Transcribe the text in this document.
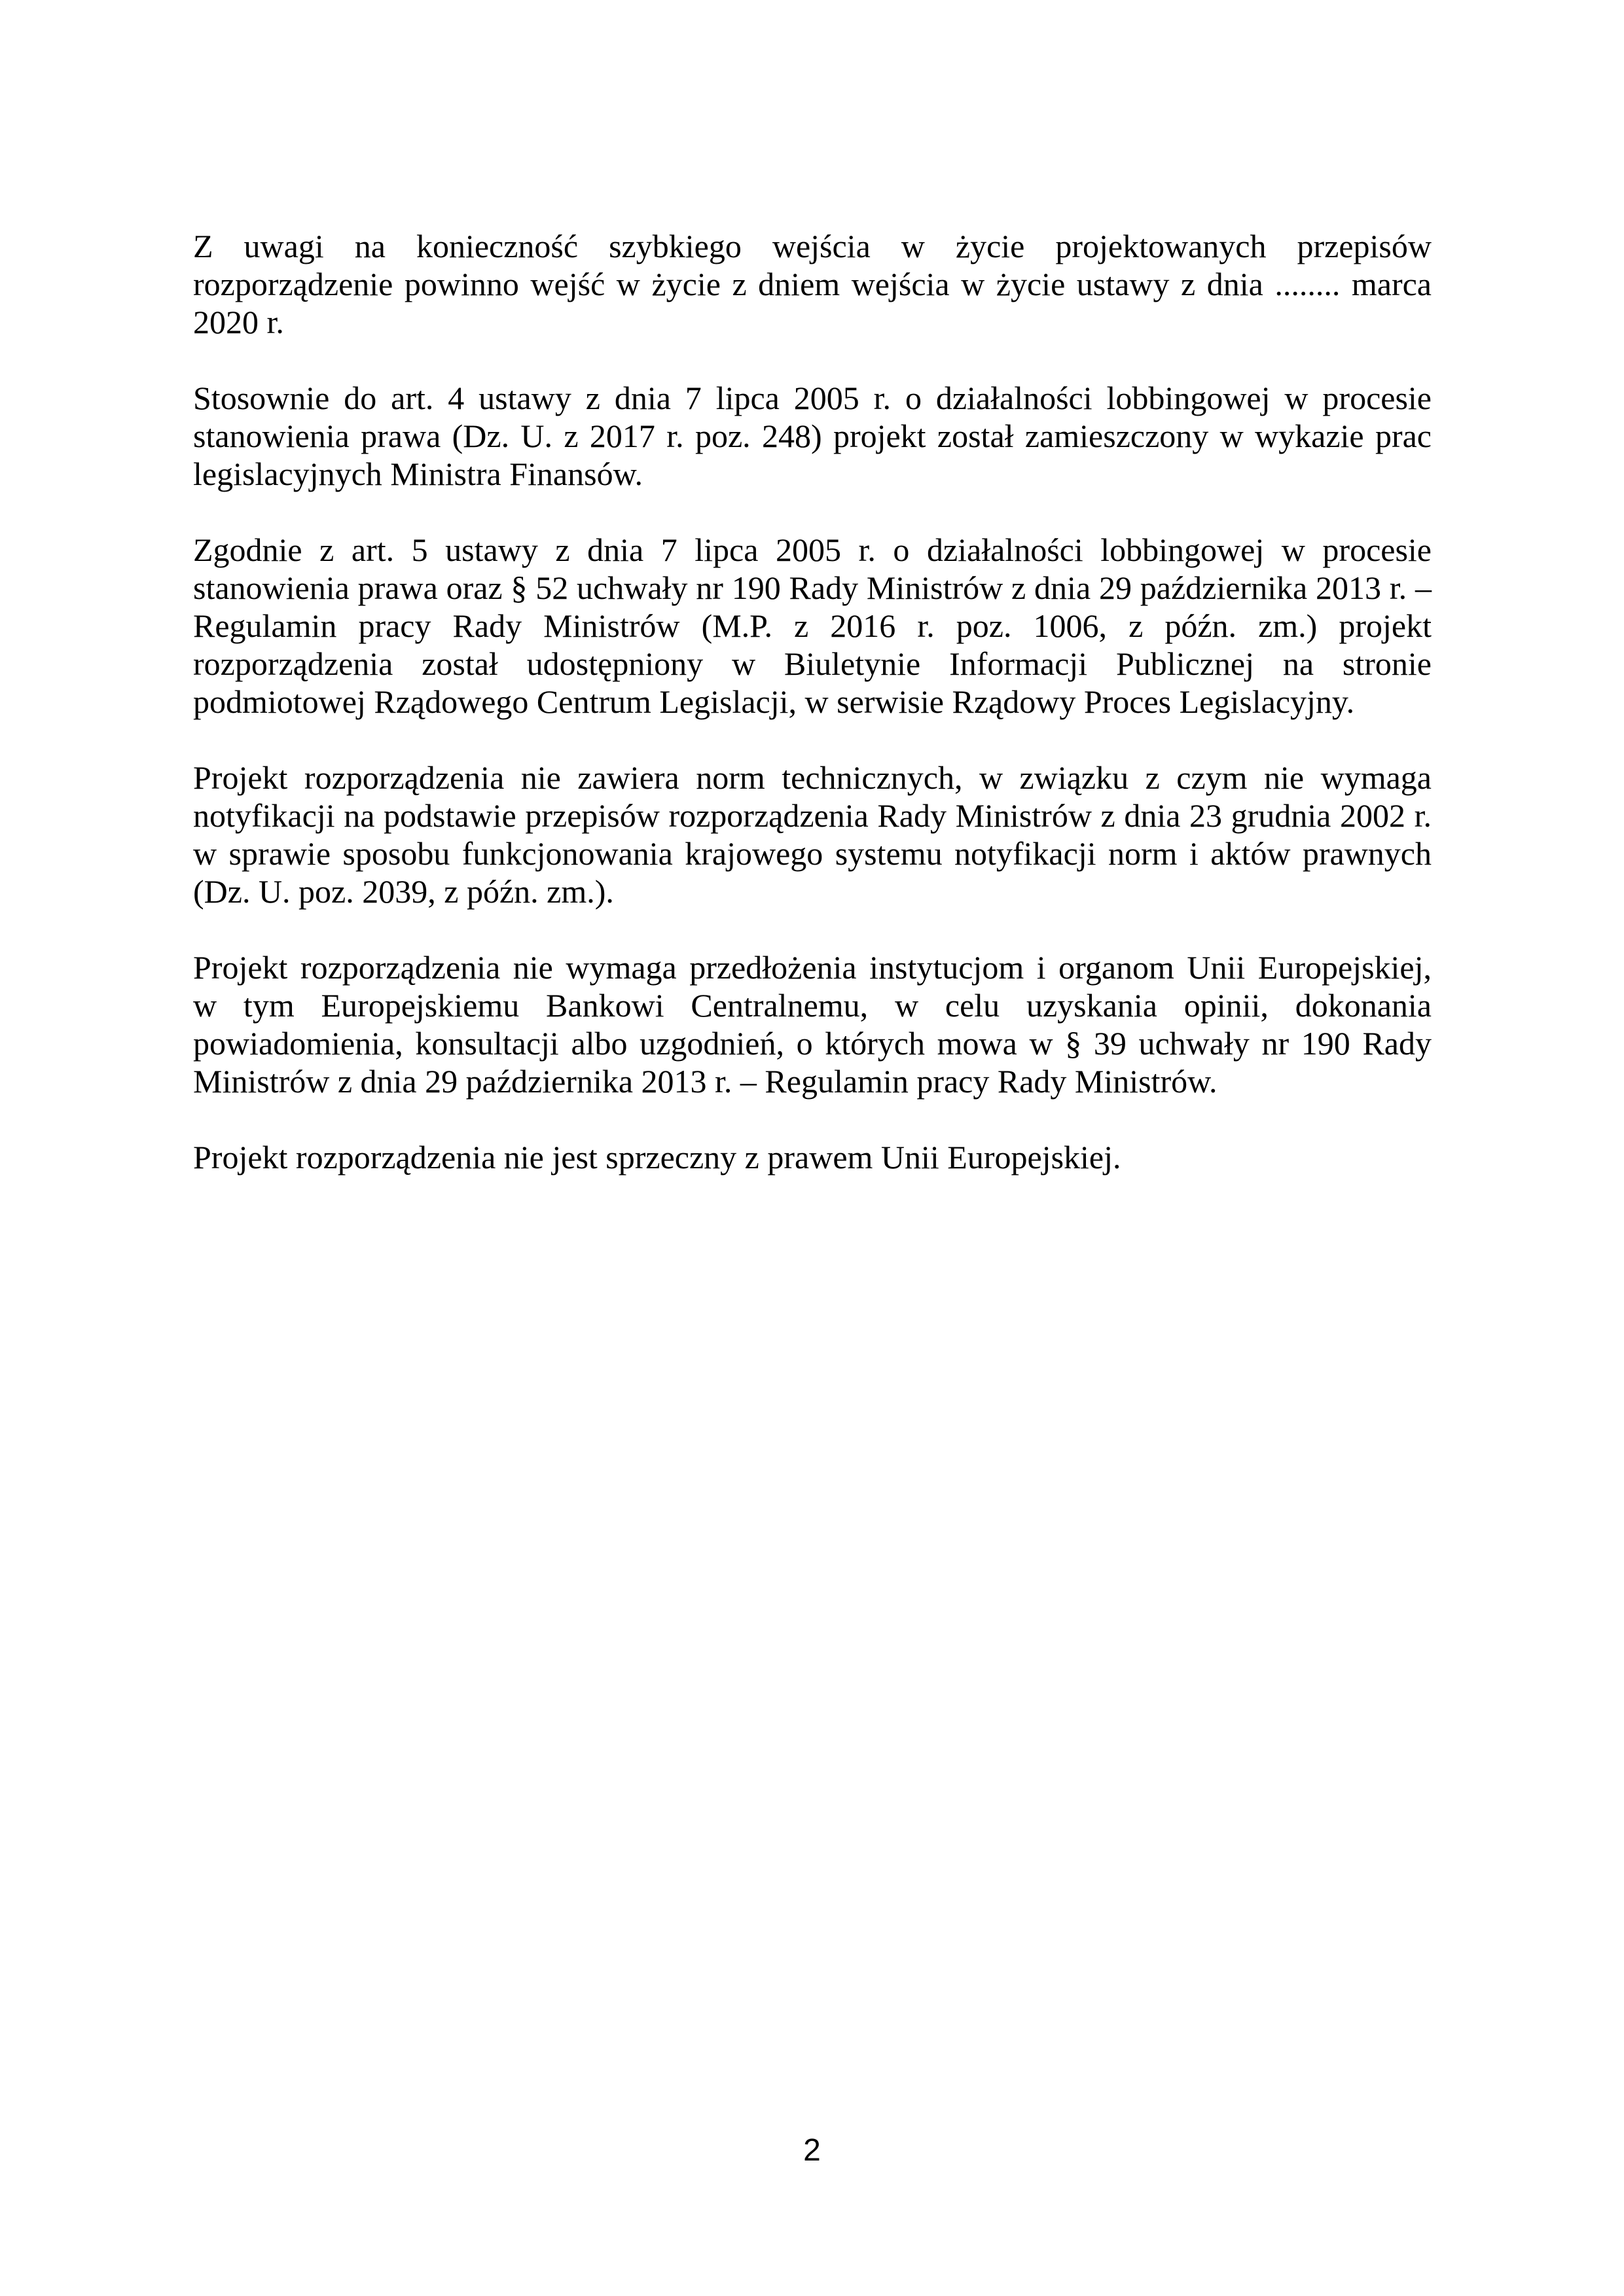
Z uwagi na konieczność szybkiego wejścia w życie projektowanych przepisów rozporządzenie powinno wejść w życie z dniem wejścia w życie ustawy z dnia ........ marca 2020 r.

Stosownie do art. 4 ustawy z dnia 7 lipca 2005 r. o działalności lobbingowej w procesie stanowienia prawa (Dz. U. z 2017 r. poz. 248) projekt został zamieszczony w wykazie prac legislacyjnych Ministra Finansów.

Zgodnie z art. 5 ustawy z dnia 7 lipca 2005 r. o działalności lobbingowej w procesie stanowienia prawa oraz § 52 uchwały nr 190 Rady Ministrów z dnia 29 października 2013 r. – Regulamin pracy Rady Ministrów (M.P. z 2016 r. poz. 1006, z późn. zm.) projekt rozporządzenia został udostępniony w Biuletynie Informacji Publicznej na stronie podmiotowej Rządowego Centrum Legislacji, w serwisie Rządowy Proces Legislacyjny.

Projekt rozporządzenia nie zawiera norm technicznych, w związku z czym nie wymaga notyfikacji na podstawie przepisów rozporządzenia Rady Ministrów z dnia 23 grudnia 2002 r. w sprawie sposobu funkcjonowania krajowego systemu notyfikacji norm i aktów prawnych (Dz. U. poz. 2039, z późn. zm.).

Projekt rozporządzenia nie wymaga przedłożenia instytucjom i organom Unii Europejskiej, w tym Europejskiemu Bankowi Centralnemu, w celu uzyskania opinii, dokonania powiadomienia, konsultacji albo uzgodnień, o których mowa w § 39 uchwały nr 190 Rady Ministrów z dnia 29 października 2013 r. – Regulamin pracy Rady Ministrów.

Projekt rozporządzenia nie jest sprzeczny z prawem Unii Europejskiej.

2
